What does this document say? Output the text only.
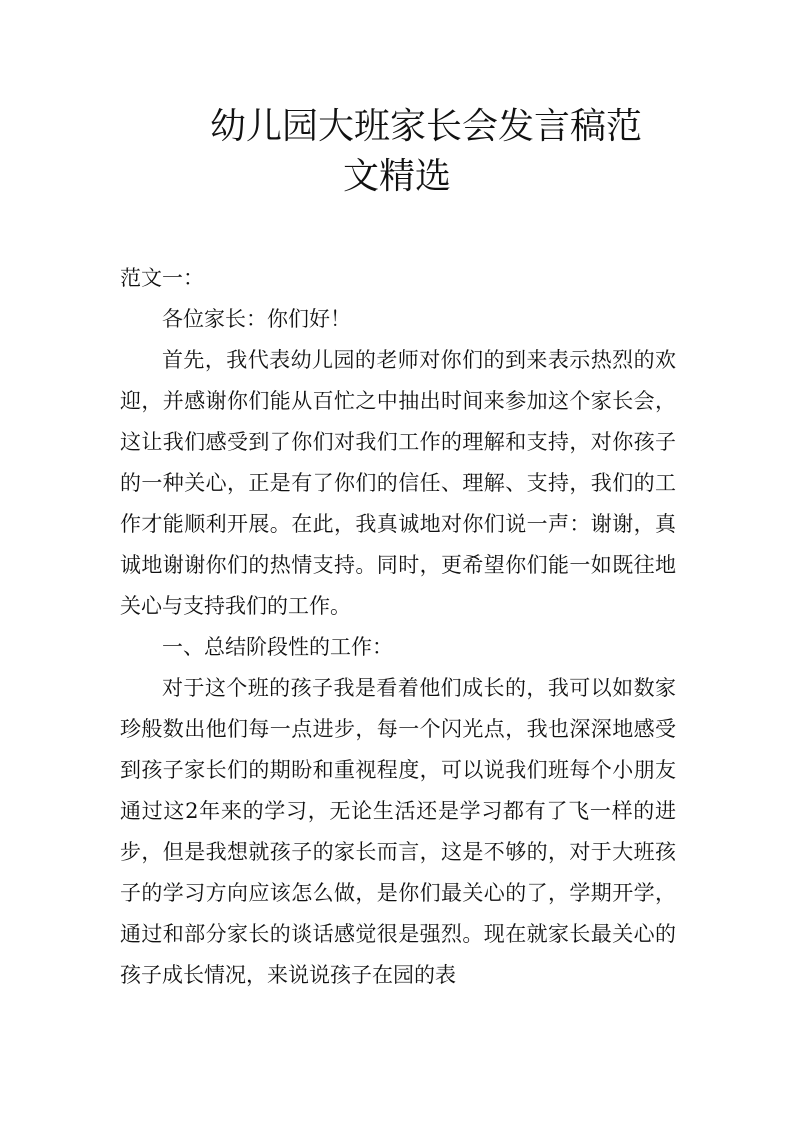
幼儿园大班家长会发言稿范
文精选

范文一：

各位家长：你们好！

首先，我代表幼儿园的老师对你们的到来表示热烈的欢迎，并感谢你们能从百忙之中抽出时间来参加这个家长会，这让我们感受到了你们对我们工作的理解和支持，对你孩子的一种关心，正是有了你们的信任、理解、支持，我们的工作才能顺利开展。在此，我真诚地对你们说一声：谢谢，真诚地谢谢你们的热情支持。同时，更希望你们能一如既往地关心与支持我们的工作。

一、总结阶段性的工作：

对于这个班的孩子我是看着他们成长的，我可以如数家珍般数出他们每一点进步，每一个闪光点，我也深深地感受到孩子家长们的期盼和重视程度，可以说我们班每个小朋友通过这2年来的学习，无论生活还是学习都有了飞一样的进步，但是我想就孩子的家长而言，这是不够的，对于大班孩子的学习方向应该怎么做，是你们最关心的了，学期开学，通过和部分家长的谈话感觉很是强烈。现在就家长最关心的孩子成长情况，来说说孩子在园的表
